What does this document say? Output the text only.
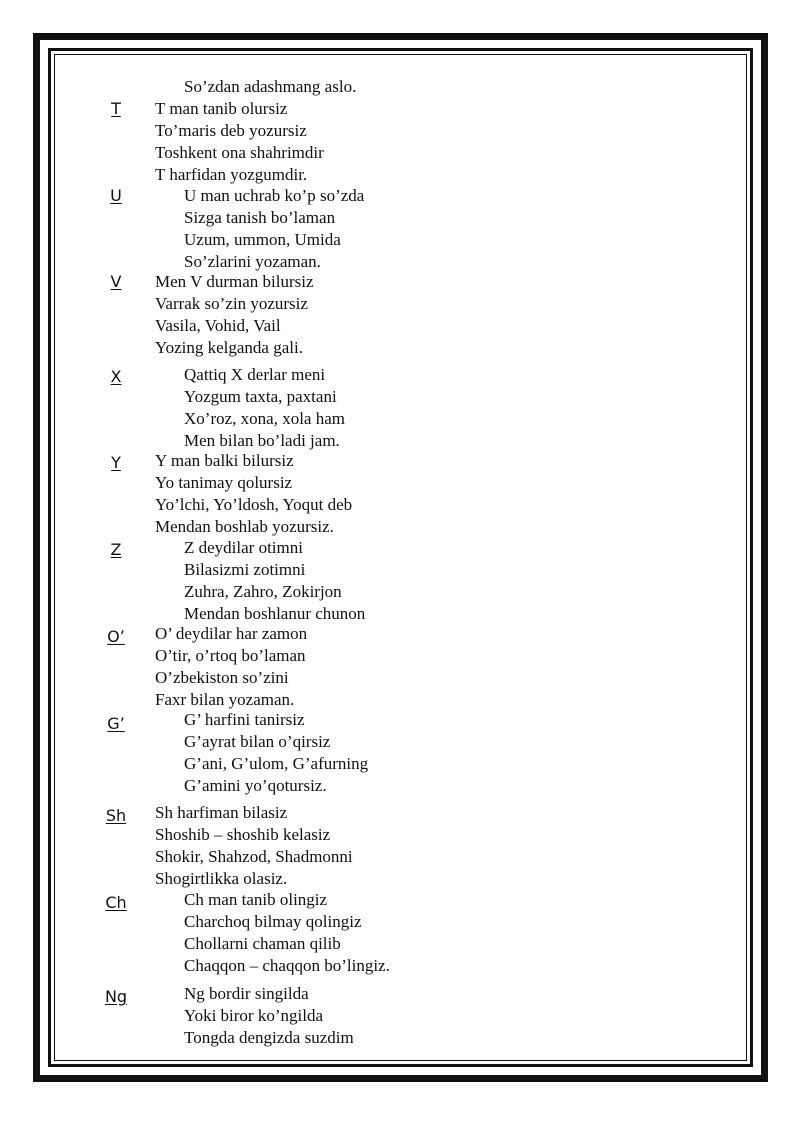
So’zdan adashmang aslo.
T	T man tanib olursiz
To’maris deb yozursiz
Toshkent ona shahrimdir
T harfidan yozgumdir.
U	U man uchrab ko’p so’zda
Sizga tanish bo’laman
Uzum, ummon, Umida
So’zlarini yozaman.
V	Men V durman bilursiz
Varrak so’zin yozursiz
Vasila, Vohid, Vail
Yozing kelganda gali.
X	Qattiq X derlar meni
Yozgum taxta, paxtani
Xo’roz, xona, xola ham
Men bilan bo’ladi jam.
Y	Y man balki bilursiz
Yo tanimay qolursiz
Yo’lchi, Yo’ldosh, Yoqut deb
Mendan boshlab yozursiz.
Z	Z deydilar otimni
Bilasizmi zotimni
Zuhra, Zahro, Zokirjon
Mendan boshlanur chunon
O’ O’ deydilar har zamon
O’tir, o’rtoq bo’laman
O’zbekiston so’zini
Faxr bilan yozaman.
G’	G’ harfini tanirsiz
G’ayrat bilan o’qirsiz
G’ani, G’ulom, G’afurning
G’amini yo’qotursiz.
Sh Sh harfiman bilasiz
Shoshib – shoshib kelasiz
Shokir, Shahzod, Shadmonni
Shogirtlikka olasiz.
Ch	Ch man tanib olingiz
Charchoq bilmay qolingiz
Chollarni chaman qilib
Chaqqon – chaqqon bo’lingiz.
Ng	Ng bordir singilda
Yoki biror ko’ngilda
Tongda dengizda suzdim
